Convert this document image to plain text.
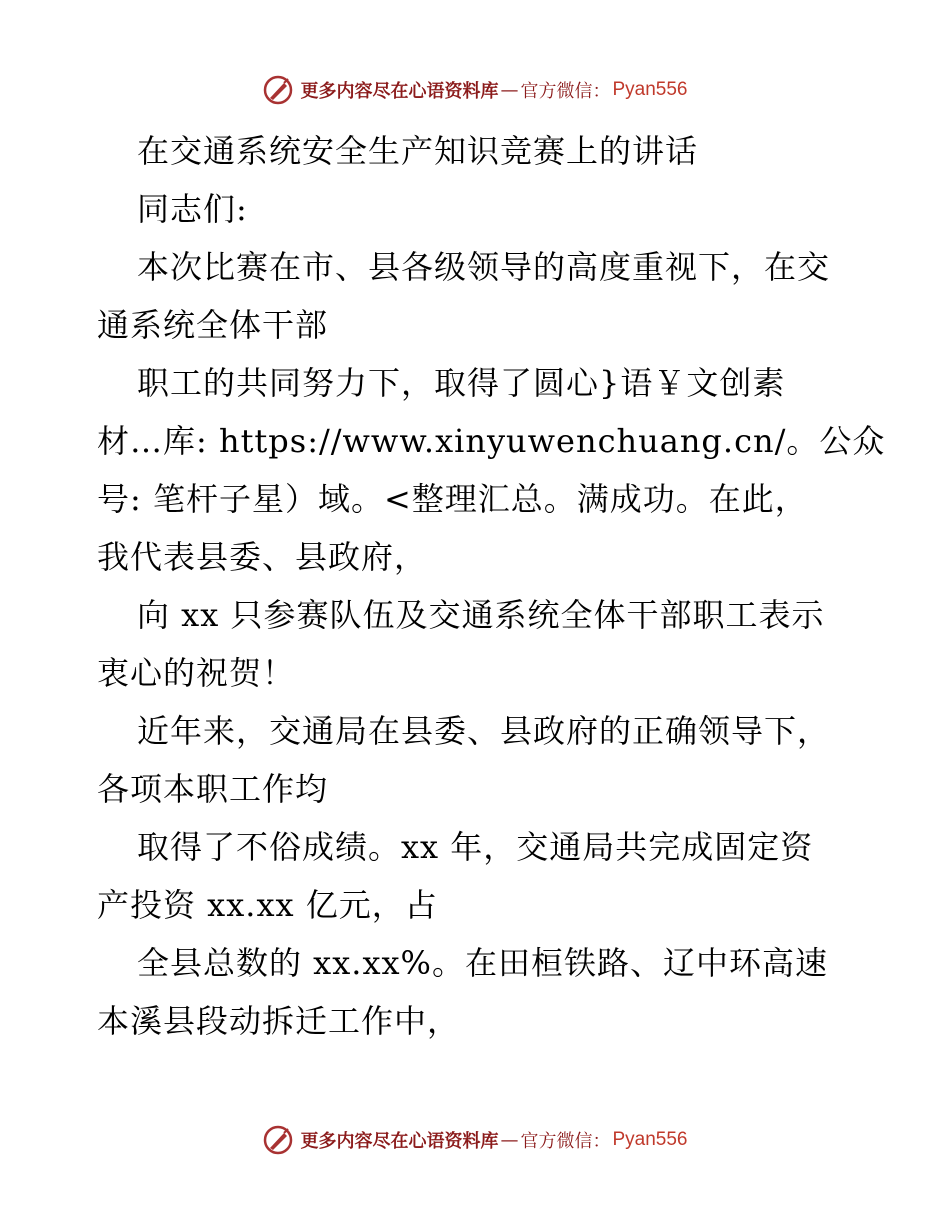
更多内容尽在心语资料库 — 官方微信： Pyan556
在交通系统安全生产知识竞赛上的讲话
同志们:
本次比赛在市、县各级领导的高度重视下，在交
通系统全体干部
职工的共同努力下，取得了圆心}语￥文创素
材…库: https://www.xinyuwenchuang.cn/。公众
号: 笔杆子星）域。<整理汇总。满成功。在此，
我代表县委、县政府，
向 xx 只参赛队伍及交通系统全体干部职工表示
衷心的祝贺！
近年来，交通局在县委、县政府的正确领导下，
各项本职工作均
取得了不俗成绩。xx 年，交通局共完成固定资
产投资 xx.xx 亿元，占
全县总数的 xx.xx%。在田桓铁路、辽中环高速
本溪县段动拆迁工作中，
更多内容尽在心语资料库 — 官方微信： Pyan556
